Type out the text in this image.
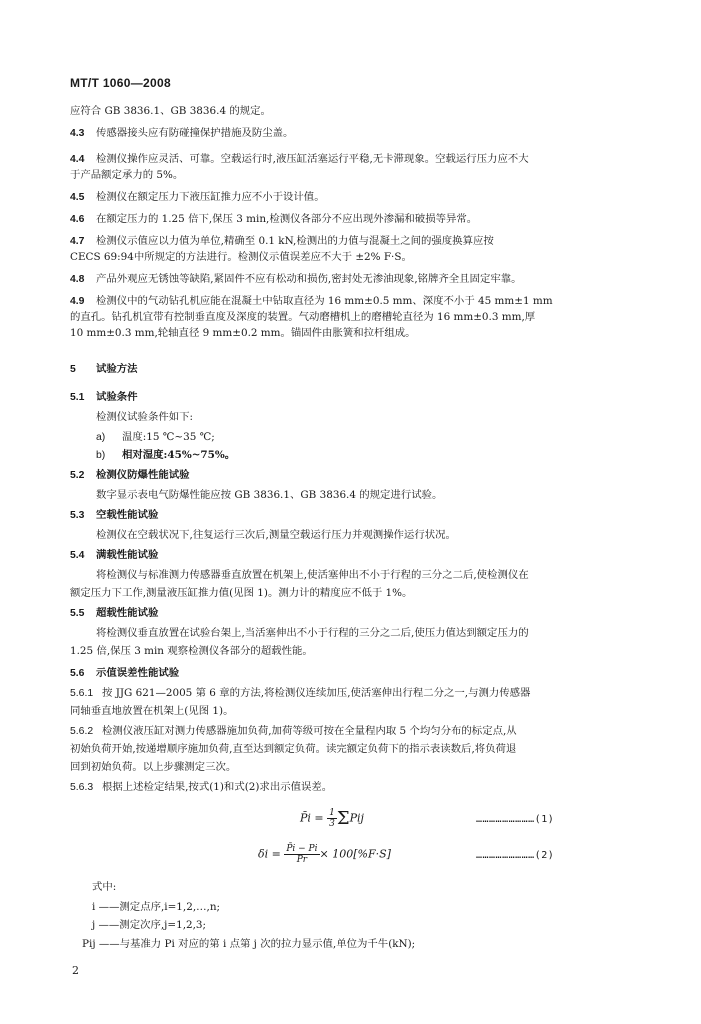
MT/T 1060—2008
应符合 GB 3836.1、GB 3836.4 的规定。
4.3 传感器接头应有防碰撞保护措施及防尘盖。
4.4 检测仪操作应灵活、可靠。空载运行时,液压缸活塞运行平稳,无卡滞现象。空载运行压力应不大
于产品额定承力的 5%。
4.5 检测仪在额定压力下液压缸推力应不小于设计值。
4.6 在额定压力的 1.25 倍下,保压 3 min,检测仪各部分不应出现外渗漏和破损等异常。
4.7 检测仪示值应以力值为单位,精确至 0.1 kN,检测出的力值与混凝土之间的强度换算应按
CECS 69:94中所规定的方法进行。检测仪示值误差应不大于 ±2% F·S。
4.8 产品外观应无锈蚀等缺陷,紧固件不应有松动和损伤,密封处无渗油现象,铭牌齐全且固定牢靠。
4.9 检测仪中的气动钻孔机应能在混凝土中钻取直径为 16 mm±0.5 mm、深度不小于 45 mm±1 mm
的直孔。钻孔机宜带有控制垂直度及深度的装置。气动磨槽机上的磨槽轮直径为 16 mm±0.3 mm,厚
10 mm±0.3 mm,轮轴直径 9 mm±0.2 mm。锚固件由胀簧和拉杆组成。
5 试验方法
5.1 试验条件
检测仪试验条件如下:
a) 温度:15 ℃~35 ℃;
b) 相对湿度:45%~75%。
5.2 检测仪防爆性能试验
数字显示表电气防爆性能应按 GB 3836.1、GB 3836.4 的规定进行试验。
5.3 空载性能试验
检测仪在空载状况下,往复运行三次后,测量空载运行压力并观测操作运行状况。
5.4 满载性能试验
将检测仪与标准测力传感器垂直放置在机架上,使活塞伸出不小于行程的三分之二后,使检测仪在
额定压力下工作,测量液压缸推力值(见图 1)。测力计的精度应不低于 1%。
5.5 超载性能试验
将检测仪垂直放置在试验台架上,当活塞伸出不小于行程的三分之二后,使压力值达到额定压力的
1.25 倍,保压 3 min 观察检测仪各部分的超载性能。
5.6 示值误差性能试验
5.6.1 按 JJG 621—2005 第 6 章的方法,将检测仪连续加压,使活塞伸出行程二分之一,与测力传感器
同轴垂直地放置在机架上(见图 1)。
5.6.2 检测仪液压缸对测力传感器施加负荷,加荷等级可按在全量程内取 5 个均匀分布的标定点,从
初始负荷开始,按递增顺序施加负荷,直至达到额定负荷。读完额定负荷下的指示表读数后,将负荷退
回到初始负荷。以上步骤测定三次。
5.6.3 根据上述检定结果,按式(1)和式(2)求出示值误差。
P̄i = $\frac{1}{3}$ ΣPij	………………………(1)
$\delta i = \frac{P̄i - Pi}{Pr} \times 100[\%F\cdot S]$	………………………(2)
式中:
i ——测定点序,i=1,2,…,n;
j ——测定次序,j=1,2,3;
Pij ——与基准力 Pi 对应的第 i 点第 j 次的拉力显示值,单位为千牛(kN);
2
